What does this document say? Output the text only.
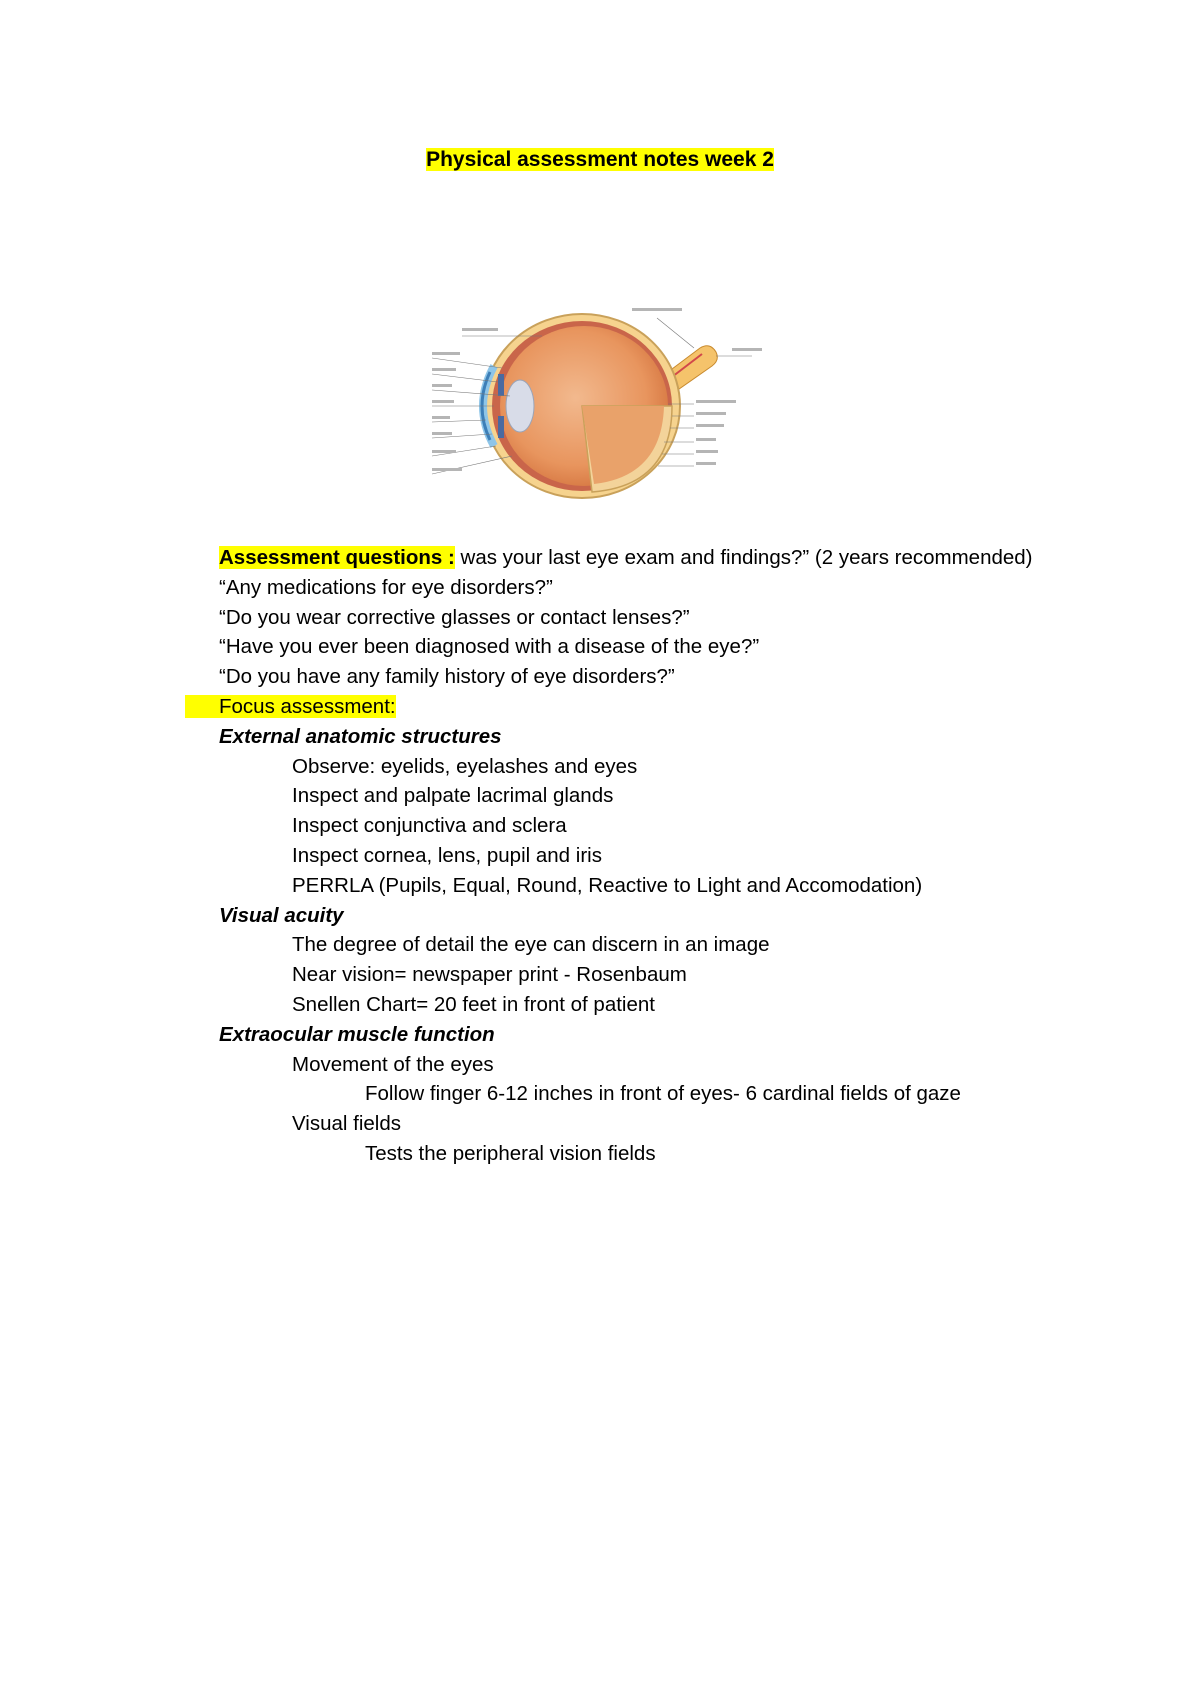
Physical assessment notes week 2
Assessment questions : was your last eye exam and findings?” (2 years recommended)
“Any medications for eye disorders?”
“Do you wear corrective glasses or contact lenses?”
“Have you ever been diagnosed with a disease of the eye?”
“Do you have any family history of eye disorders?”
Focus assessment:
External anatomic structures
Observe: eyelids, eyelashes and eyes
Inspect and palpate lacrimal glands
Inspect conjunctiva and sclera
Inspect cornea, lens, pupil and iris
PERRLA (Pupils, Equal, Round, Reactive to Light and Accomodation)
Visual acuity
The degree of detail the eye can discern in an image
Near vision= newspaper print - Rosenbaum
Snellen Chart= 20 feet in front of patient
Extraocular muscle function
Movement of the eyes
Follow finger 6-12 inches in front of eyes- 6 cardinal fields of gaze
Visual fields
Tests the peripheral vision fields
